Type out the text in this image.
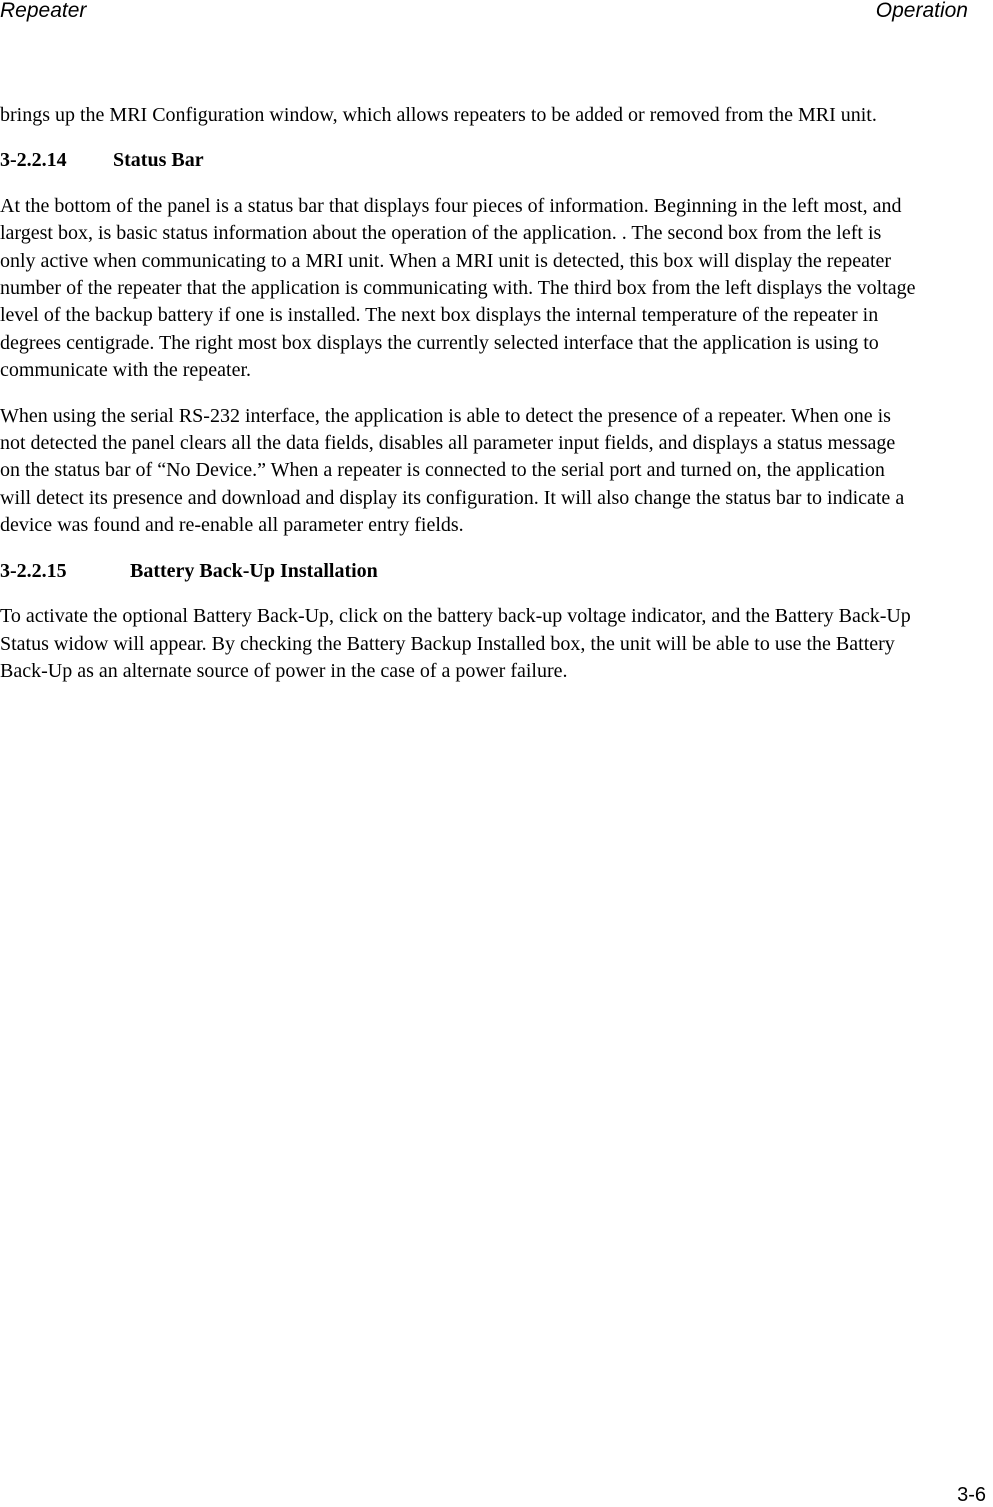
Repeater	Operation

brings up the MRI Configuration window, which allows repeaters to be added or removed from the MRI unit.

3-2.2.14 Status Bar

At the bottom of the panel is a status bar that displays four pieces of information. Beginning in the left most, and largest box, is basic status information about the operation of the application. . The second box from the left is only active when communicating to a MRI unit. When a MRI unit is detected, this box will display the repeater number of the repeater that the application is communicating with. The third box from the left displays the voltage level of the backup battery if one is installed. The next box displays the internal temperature of the repeater in degrees centigrade. The right most box displays the currently selected interface that the application is using to communicate with the repeater.

When using the serial RS-232 interface, the application is able to detect the presence of a repeater. When one is not detected the panel clears all the data fields, disables all parameter input fields, and displays a status message on the status bar of “No Device.” When a repeater is connected to the serial port and turned on, the application will detect its presence and download and display its configuration. It will also change the status bar to indicate a device was found and re-enable all parameter entry fields.

3-2.2.15	Battery Back-Up Installation

To activate the optional Battery Back-Up, click on the battery back-up voltage indicator, and the Battery Back-Up Status widow will appear. By checking the Battery Backup Installed box, the unit will be able to use the Battery Back-Up as an alternate source of power in the case of a power failure.

3-6
